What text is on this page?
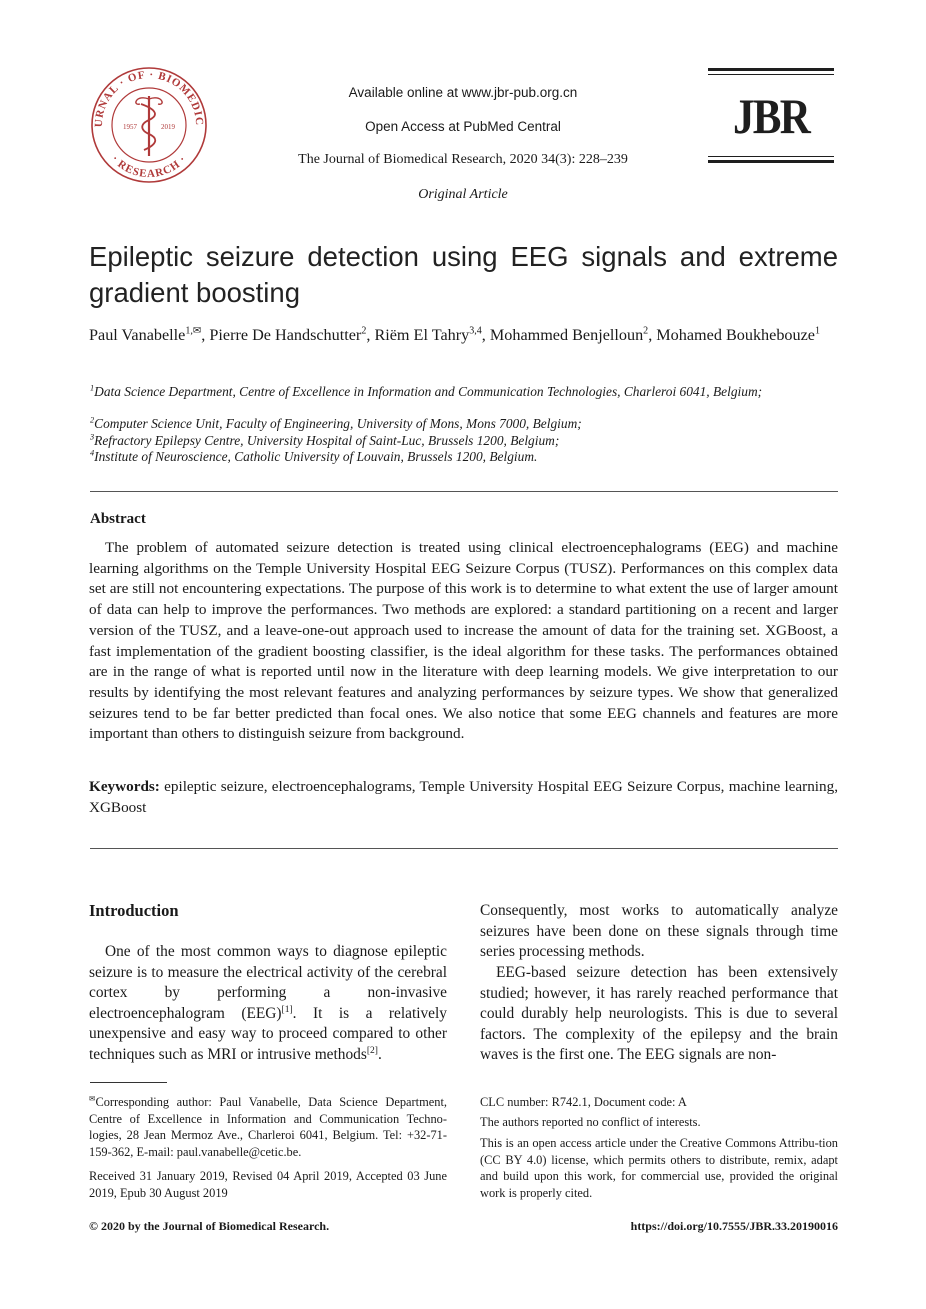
URNAL · OF · BIOMEDIC
· RESEARCH ·
1957	2019
Available online at www.jbr-pub.org.cn
Open Access at PubMed Central
The Journal of Biomedical Research, 2020 34(3): 228–239
Original Article
JBR
Epileptic seizure detection using EEG signals and extreme gradient boosting
Paul Vanabelle$^{1,✉}$, Pierre De Handschutter$^2$, Riëm El Tahry$^{3,4}$, Mohammed Benjelloun$^2$, Mohamed Boukhebouze$^1$
$^1$Data Science Department, Centre of Excellence in Information and Communication Technologies, Charleroi 6041, Belgium;
$^2$Computer Science Unit, Faculty of Engineering, University of Mons, Mons 7000, Belgium;
$^3$Refractory Epilepsy Centre, University Hospital of Saint-Luc, Brussels 1200, Belgium;
$^4$Institute of Neuroscience, Catholic University of Louvain, Brussels 1200, Belgium.
Abstract
The problem of automated seizure detection is treated using clinical electroencephalograms (EEG) and machine learning algorithms on the Temple University Hospital EEG Seizure Corpus (TUSZ). Performances on this complex data set are still not encountering expectations. The purpose of this work is to determine to what extent the use of larger amount of data can help to improve the performances. Two methods are explored: a standard partitioning on a recent and larger version of the TUSZ, and a leave-one-out approach used to increase the amount of data for the training set. XGBoost, a fast implementation of the gradient boosting classifier, is the ideal algorithm for these tasks. The performances obtained are in the range of what is reported until now in the literature with deep learning models. We give interpretation to our results by identifying the most relevant features and analyzing performances by seizure types. We show that generalized seizures tend to be far better predicted than focal ones. We also notice that some EEG channels and features are more important than others to distinguish seizure from background.
Keywords: epileptic seizure, electroencephalograms, Temple University Hospital EEG Seizure Corpus, machine learning, XGBoost
Introduction
One of the most common ways to diagnose epileptic seizure is to measure the electrical activity of the cerebral cortex by performing a non-invasive electroencephalogram (EEG)[1]. It is a relatively unexpensive and easy way to proceed compared to other techniques such as MRI or intrusive methods[2].
Consequently, most works to automatically analyze seizures have been done on these signals through time series processing methods.
EEG-based seizure detection has been extensively studied; however, it has rarely reached performance that could durably help neurologists. This is due to several factors. The complexity of the epilepsy and the brain waves is the first one. The EEG signals are non-
✉Corresponding author: Paul Vanabelle, Data Science Department, Centre of Excellence in Information and Communication Techno-logies, 28 Jean Mermoz Ave., Charleroi 6041, Belgium. Tel: +32-71-159-362, E-mail: paul.vanabelle@cetic.be.
Received 31 January 2019, Revised 04 April 2019, Accepted 03 June 2019, Epub 30 August 2019
CLC number: R742.1, Document code: A
The authors reported no conflict of interests.
This is an open access article under the Creative Commons Attribu-tion (CC BY 4.0) license, which permits others to distribute, remix, adapt and build upon this work, for commercial use, provided the original work is properly cited.
© 2020 by the Journal of Biomedical Research.	https://doi.org/10.7555/JBR.33.20190016
